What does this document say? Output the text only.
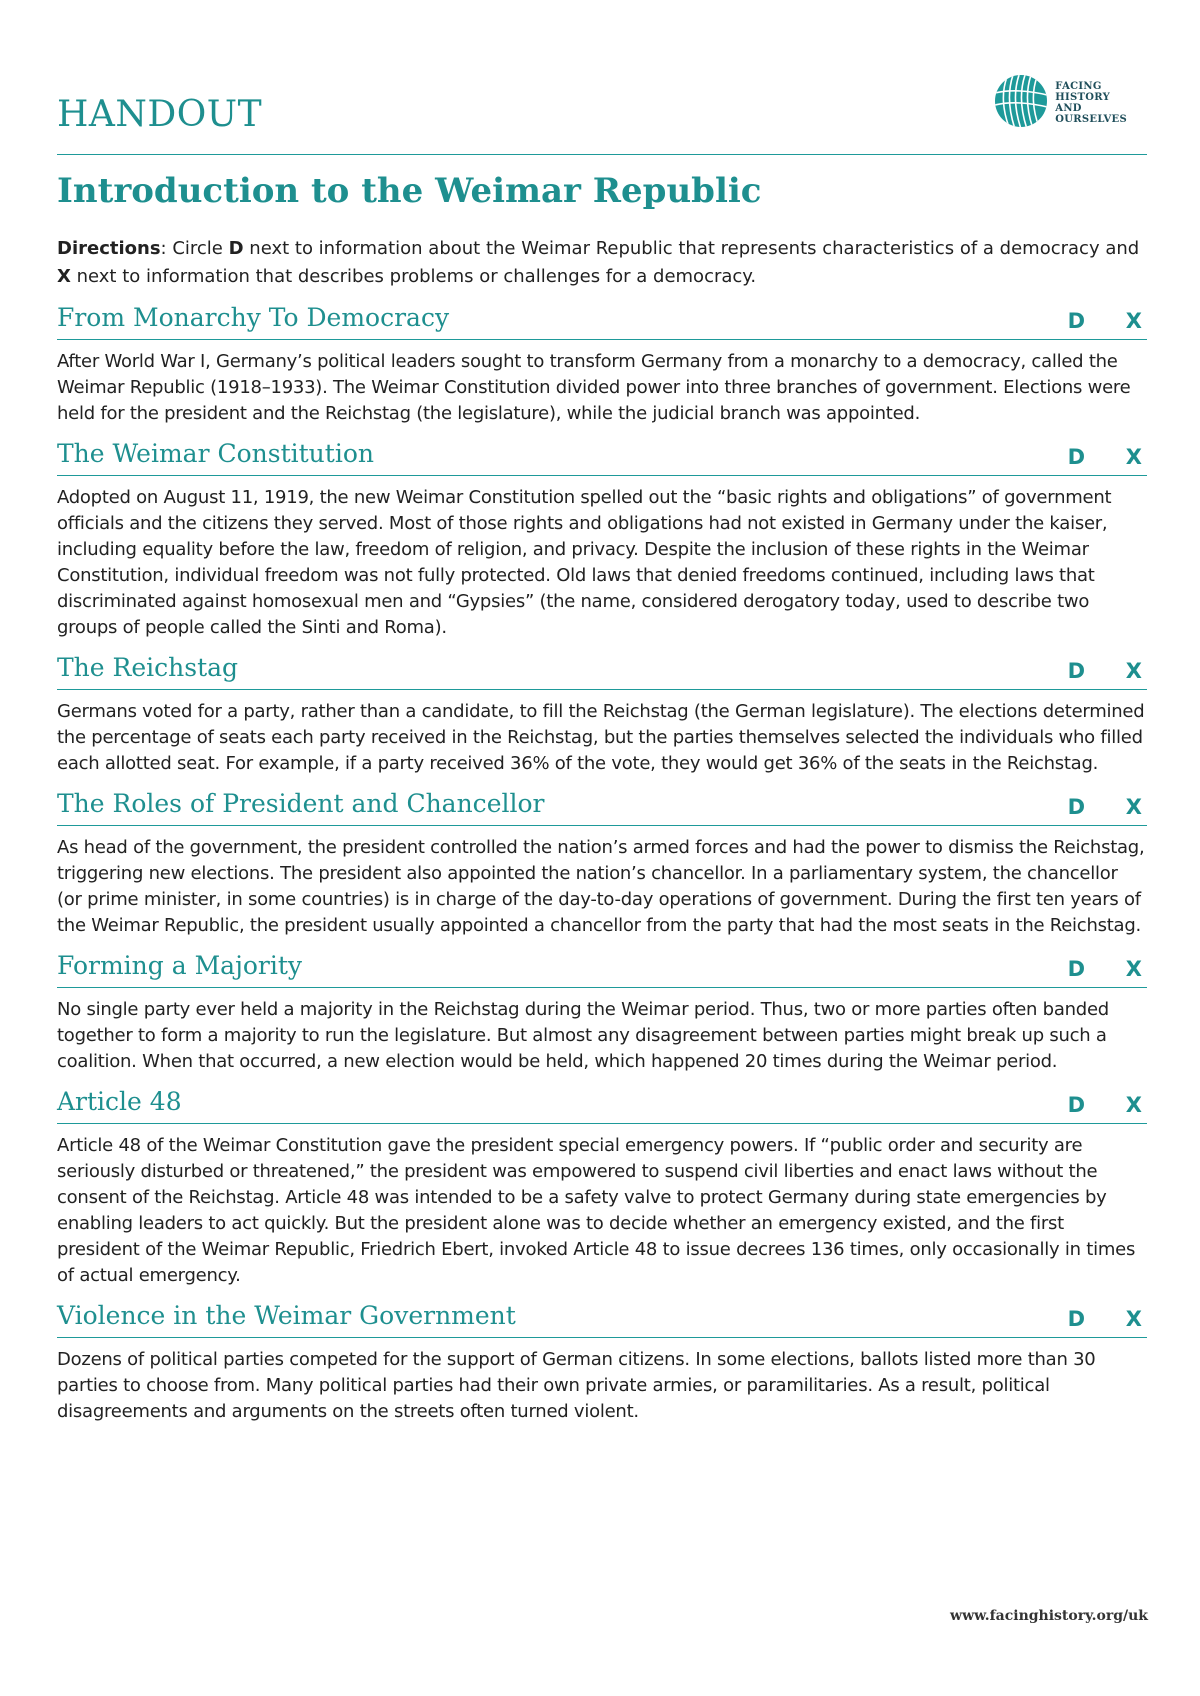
HANDOUT
FACING
HISTORY
AND
OURSELVES
Introduction to the Weimar Republic

Directions: Circle D next to information about the Weimar Republic that represents characteristics of a democracy and X next to information that describes problems or challenges for a democracy.

From Monarchy To Democracy	D X

After World War I, Germany’s political leaders sought to transform Germany from a monarchy to a democracy, called the Weimar Republic (1918–1933). The Weimar Constitution divided power into three branches of government. Elections were held for the president and the Reichstag (the legislature), while the judicial branch was appointed.

The Weimar Constitution	D X

Adopted on August 11, 1919, the new Weimar Constitution spelled out the “basic rights and obligations” of government officials and the citizens they served. Most of those rights and obligations had not existed in Germany under the kaiser, including equality before the law, freedom of religion, and privacy. Despite the inclusion of these rights in the Weimar Constitution, individual freedom was not fully protected. Old laws that denied freedoms continued, including laws that discriminated against homosexual men and “Gypsies” (the name, considered derogatory today, used to describe two groups of people called the Sinti and Roma).

The Reichstag	D X

Germans voted for a party, rather than a candidate, to fill the Reichstag (the German legislature). The elections determined the percentage of seats each party received in the Reichstag, but the parties themselves selected the individuals who filled each allotted seat. For example, if a party received 36% of the vote, they would get 36% of the seats in the Reichstag.

The Roles of President and Chancellor	D X

As head of the government, the president controlled the nation’s armed forces and had the power to dismiss the Reichstag, triggering new elections. The president also appointed the nation’s chancellor. In a parliamentary system, the chancellor (or prime minister, in some countries) is in charge of the day-to-day operations of government. During the first ten years of the Weimar Republic, the president usually appointed a chancellor from the party that had the most seats in the Reichstag.

Forming a Majority	D X

No single party ever held a majority in the Reichstag during the Weimar period. Thus, two or more parties often banded together to form a majority to run the legislature. But almost any disagreement between parties might break up such a coalition. When that occurred, a new election would be held, which happened 20 times during the Weimar period.

Article 48	D X

Article 48 of the Weimar Constitution gave the president special emergency powers. If “public order and security are seriously disturbed or threatened,” the president was empowered to suspend civil liberties and enact laws without the consent of the Reichstag. Article 48 was intended to be a safety valve to protect Germany during state emergencies by enabling leaders to act quickly. But the president alone was to decide whether an emergency existed, and the first president of the Weimar Republic, Friedrich Ebert, invoked Article 48 to issue decrees 136 times, only occasionally in times of actual emergency.

Violence in the Weimar Government	D X

Dozens of political parties competed for the support of German citizens. In some elections, ballots listed more than 30 parties to choose from. Many political parties had their own private armies, or paramilitaries. As a result, political disagreements and arguments on the streets often turned violent.

www.facinghistory.org/uk
